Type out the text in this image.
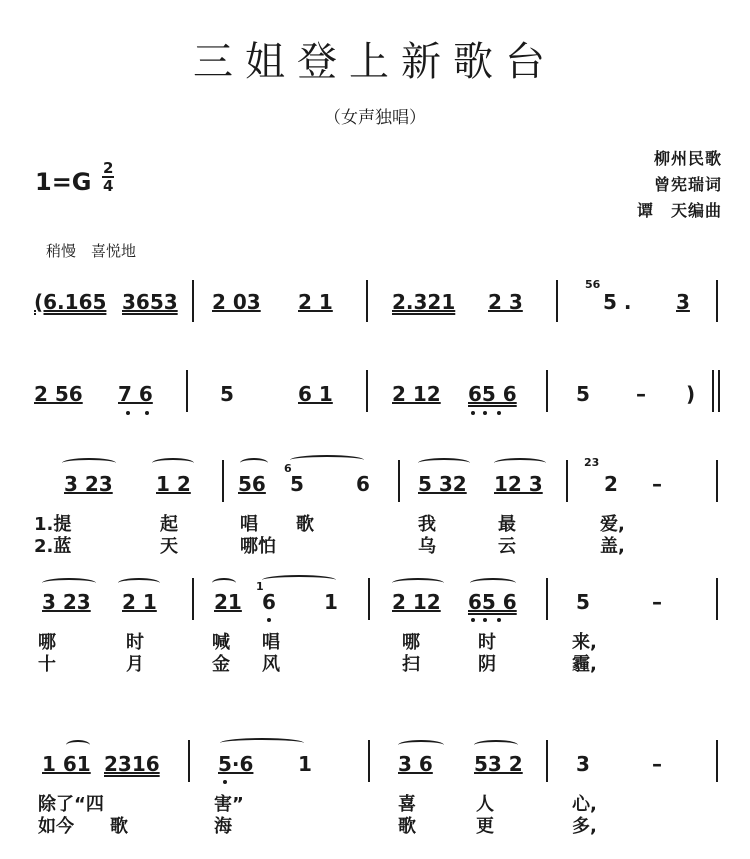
三姐登上新歌台
（女声独唱）
$1=G \frac{2}{4}$
柳州民歌
曾宪瑞词
谭　天编曲
稍慢　喜悦地
(6.165 3653 2 03 2 1	2.321 2 3
56
5 . 3
2 56 7 6	5	6 1	2 12 65 6	5 – )
3 23 1 2 56
6
5	6 5 32 12 3
23
2 –
1.提	起	唱 歌	我	最	爱,
2.蓝	天	哪怕	乌	云	盖,
3 23 2 1	21
1
6 1	2 12 65 6	5	–
哪	时	喊 唱	哪	时	来,
十	月	金 风	扫	阴	霾,
1 61 2316	5·6 1	3 6 53 2	3	–
除了“四	害”	喜	人	心,
如今 歌	海	歌	更	多,
